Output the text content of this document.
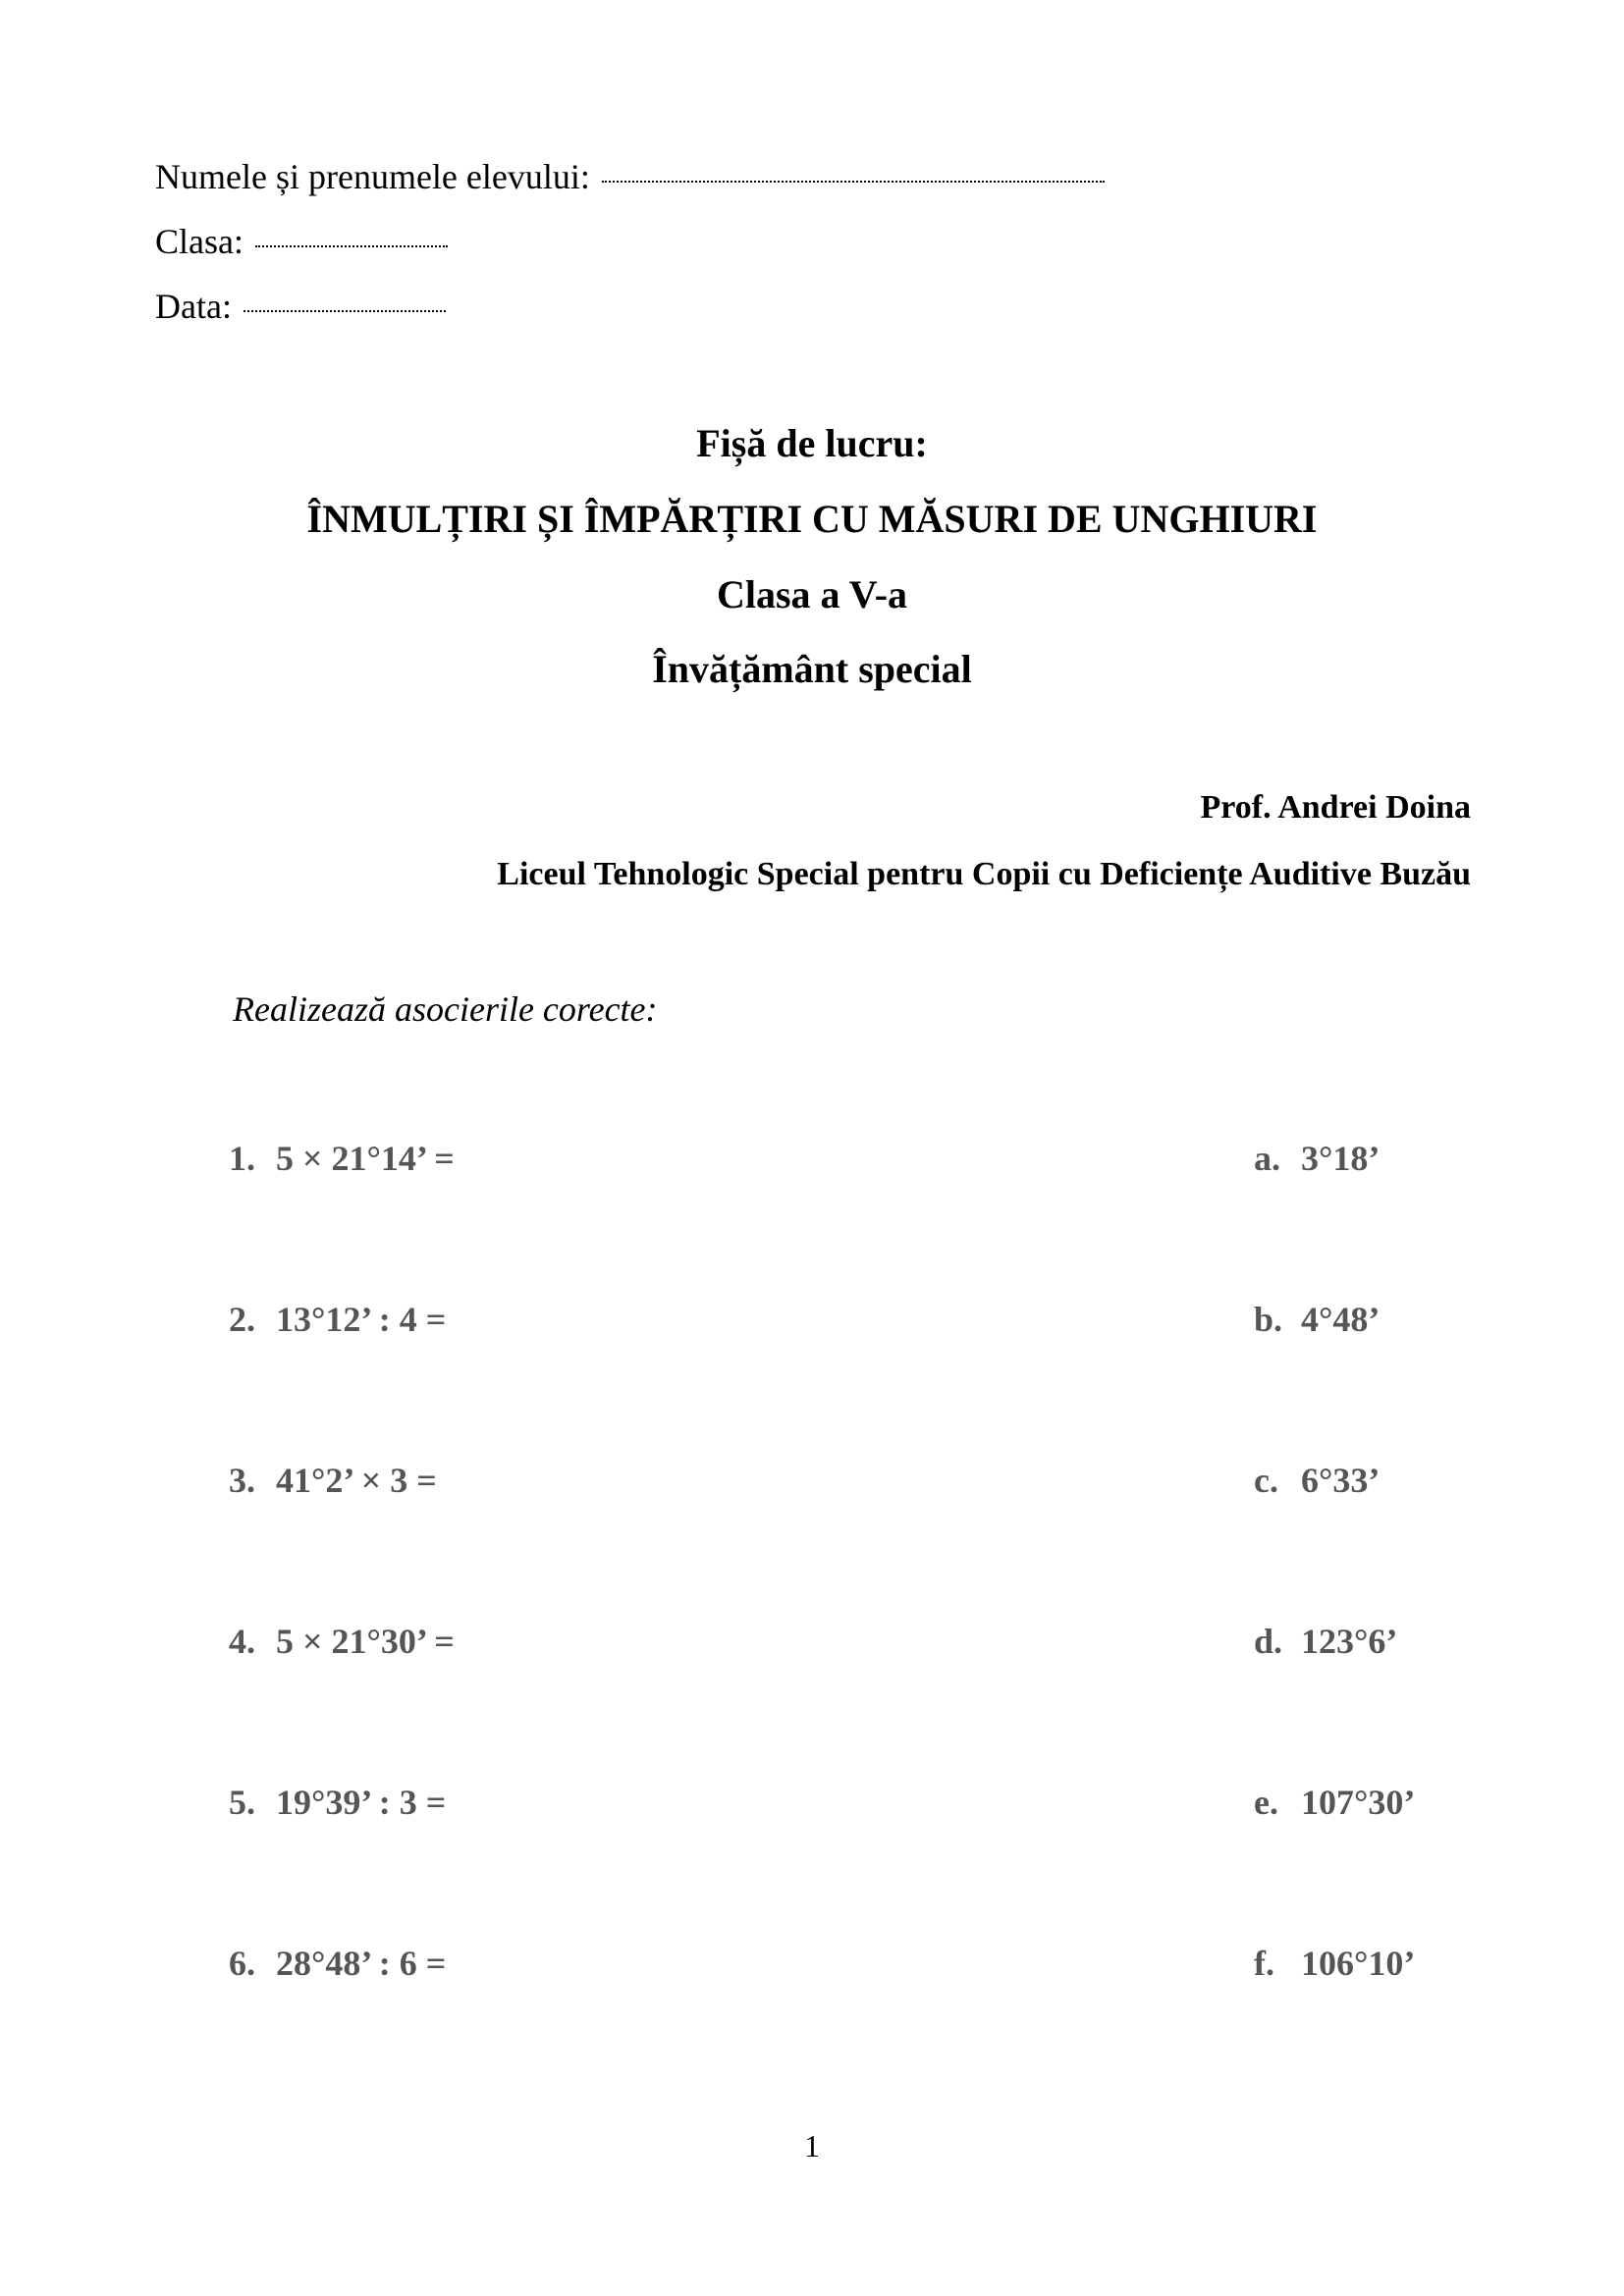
Numele și prenumele elevului:
Clasa:
Data:
Fișă de lucru:
ÎNMULȚIRI ȘI ÎMPĂRȚIRI CU MĂSURI DE UNGHIURI
Clasa a V-a
Învățământ special
Prof. Andrei Doina
Liceul Tehnologic Special pentru Copii cu Deficiențe Auditive Buzău
Realizează asocierile corecte:
1. 5 × 21°14’ =	a. 3°18’
2. 13°12’ : 4 =	b. 4°48’
3. 41°2’ × 3 =	c. 6°33’
4. 5 × 21°30’ =	d. 123°6’
5. 19°39’ : 3 =	e. 107°30’
6. 28°48’ : 6 =	f. 106°10’
1
